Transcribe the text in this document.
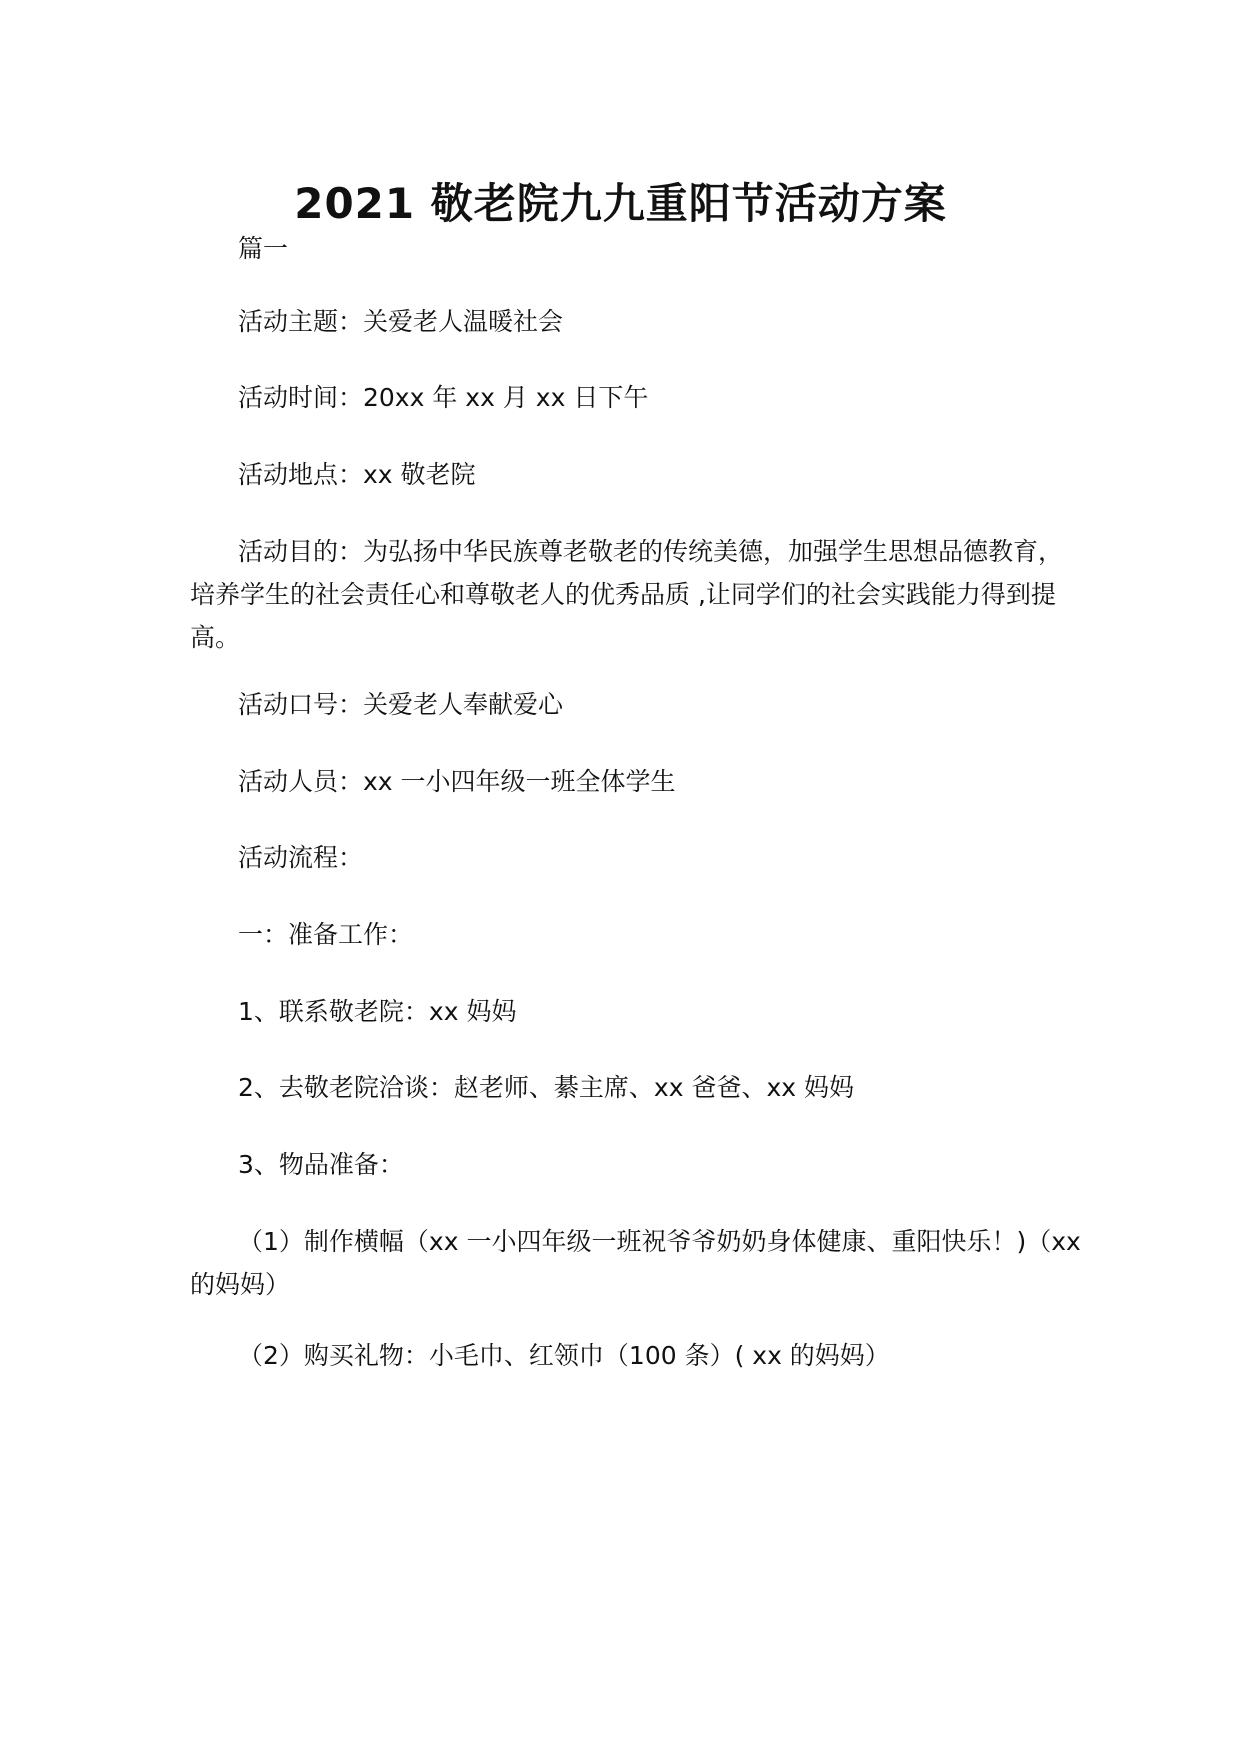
2021 敬老院九九重阳节活动方案
篇一
活动主题：关爱老人温暖社会
活动时间：20xx 年 xx 月 xx 日下午
活动地点：xx 敬老院
活动目的：为弘扬中华民族尊老敬老的传统美德，加强学生思想品德教育，
培养学生的社会责任心和尊敬老人的优秀品质 ,让同学们的社会实践能力得到提
高。
活动口号：关爱老人奉献爱心
活动人员：xx 一小四年级一班全体学生
活动流程：
一：准备工作：
1、联系敬老院：xx 妈妈
2、去敬老院洽谈：赵老师、綦主席、xx 爸爸、xx 妈妈
3、物品准备：
（1）制作横幅（xx 一小四年级一班祝爷爷奶奶身体健康、重阳快乐！)（xx
的妈妈）
（2）购买礼物：小毛巾、红领巾（100 条）( xx 的妈妈）
